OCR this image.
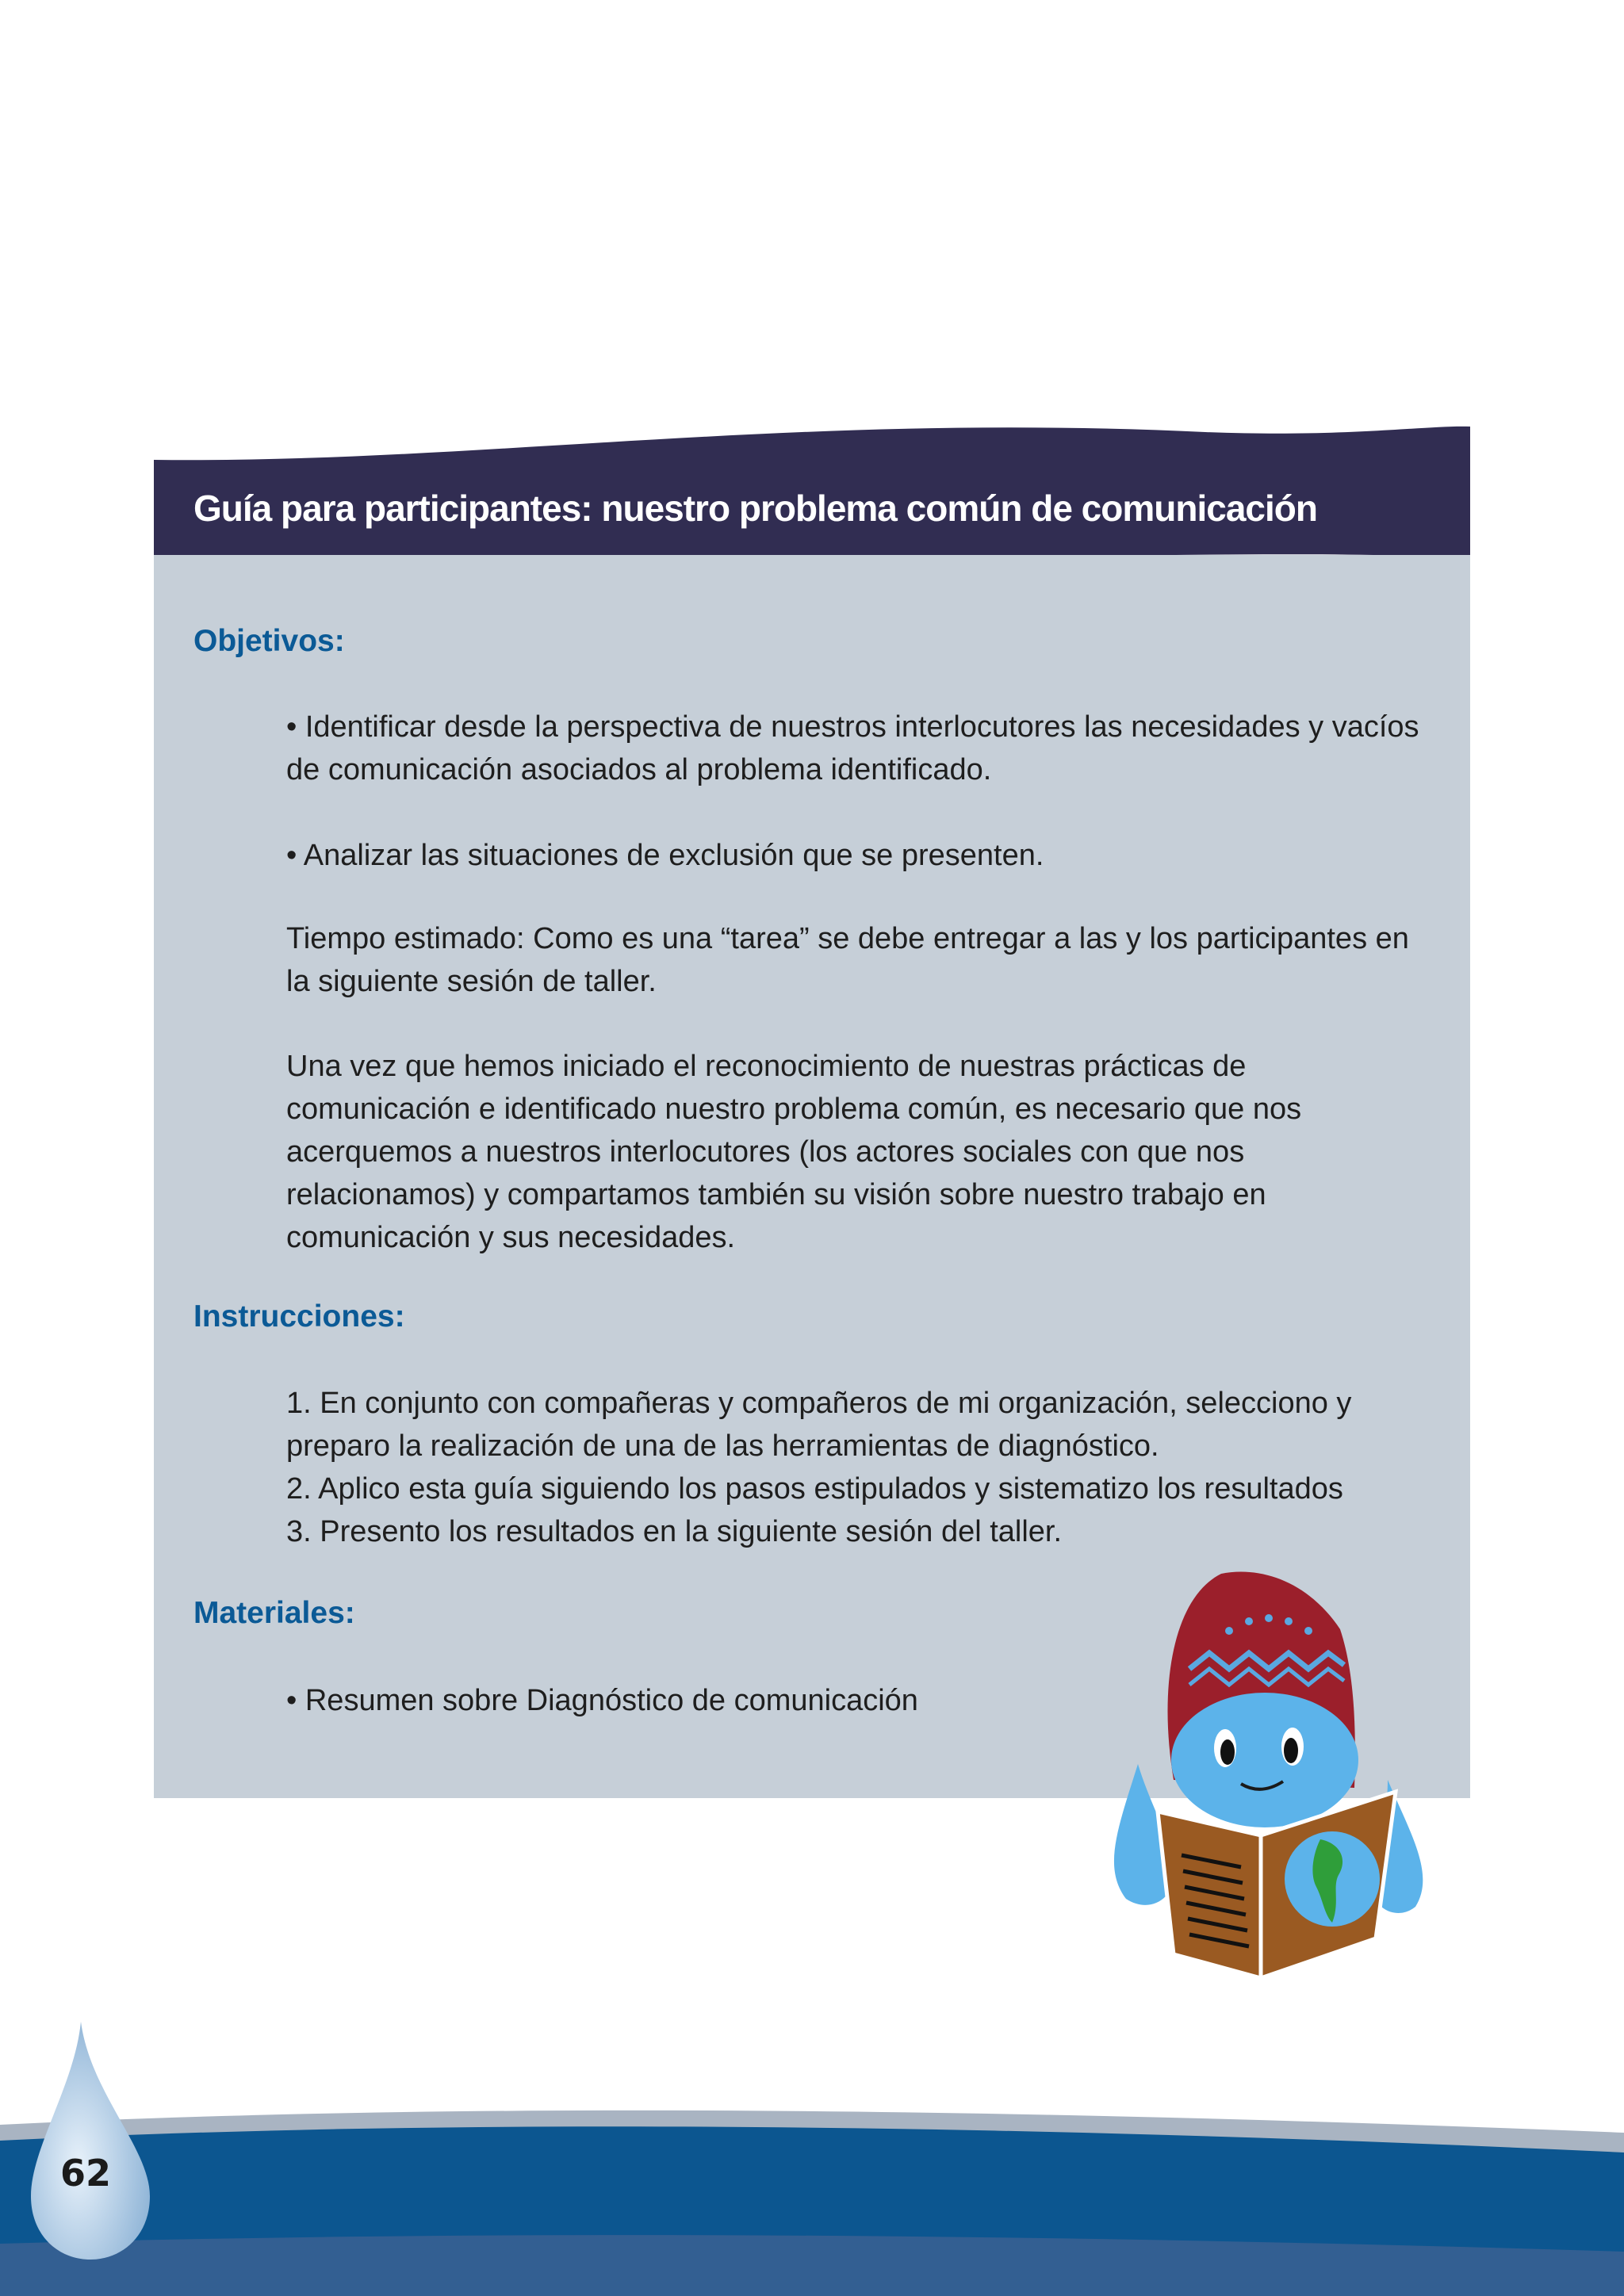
Guía para participantes: nuestro problema común de comunicación
Objetivos:

• Identificar desde la perspectiva de nuestros interlocutores las necesidades y vacíos de comunicación asociados al problema identificado.

• Analizar las situaciones de exclusión que se presenten.

Tiempo estimado: Como es una “tarea” se debe entregar a las y los participantes en la siguiente sesión de taller.

Una vez que hemos iniciado el reconocimiento de nuestras prácticas de comunicación e identificado nuestro problema común, es necesario que nos acerquemos a nuestros interlocutores (los actores sociales con que nos relacionamos) y compartamos también su visión sobre nuestro trabajo en comunicación y sus necesidades.

Instrucciones:

1. En conjunto con compañeras y compañeros de mi organización, selecciono y preparo la realización de una de las herramientas de diagnóstico.

2. Aplico esta guía siguiendo los pasos estipulados y sistematizo los resultados

3. Presento los resultados en la siguiente sesión del taller.

Materiales:

• Resumen sobre Diagnóstico de comunicación

62
